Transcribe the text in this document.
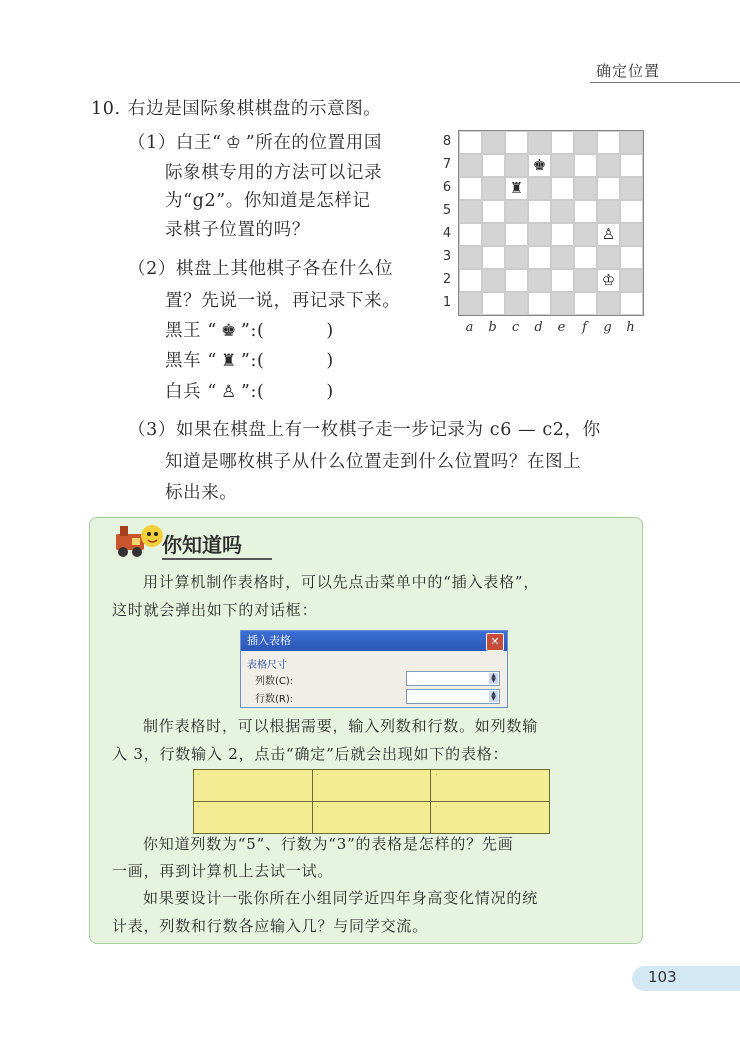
确定位置
10. 右边是国际象棋棋盘的示意图。
（1）白王“ ♔ ”所在的位置用国
际象棋专用的方法可以记录
为“g2”。你知道是怎样记
录棋子位置的吗？
（2）棋盘上其他棋子各在什么位
置？先说一说，再记录下来。
黑王 “ ♚ ”:(	)
黑车 “ ♜ ”:(	)
白兵 “ ♙ ”:(	)
（3）如果在棋盘上有一枚棋子走一步记录为 c6 — c2，你
知道是哪枚棋子从什么位置走到什么位置吗？在图上
标出来。
8
7
6
5
4
3
2
1
♚
♜
♙
♔
a	b	c	d	e	f	g	h
你知道吗
用计算机制作表格时，可以先点击菜单中的“插入表格”，
这时就会弹出如下的对话框：
插入表格	✕
表格尺寸
列数(C):
▲
▼
行数(R):
▲
▼
制作表格时，可以根据需要，输入列数和行数。如列数输
入 3，行数输入 2，点击“确定”后就会出现如下的表格：
·	·	·
·	·	·
你知道列数为“5”、行数为“3”的表格是怎样的？先画
一画，再到计算机上去试一试。
如果要设计一张你所在小组同学近四年身高变化情况的统
计表，列数和行数各应输入几？与同学交流。
103
